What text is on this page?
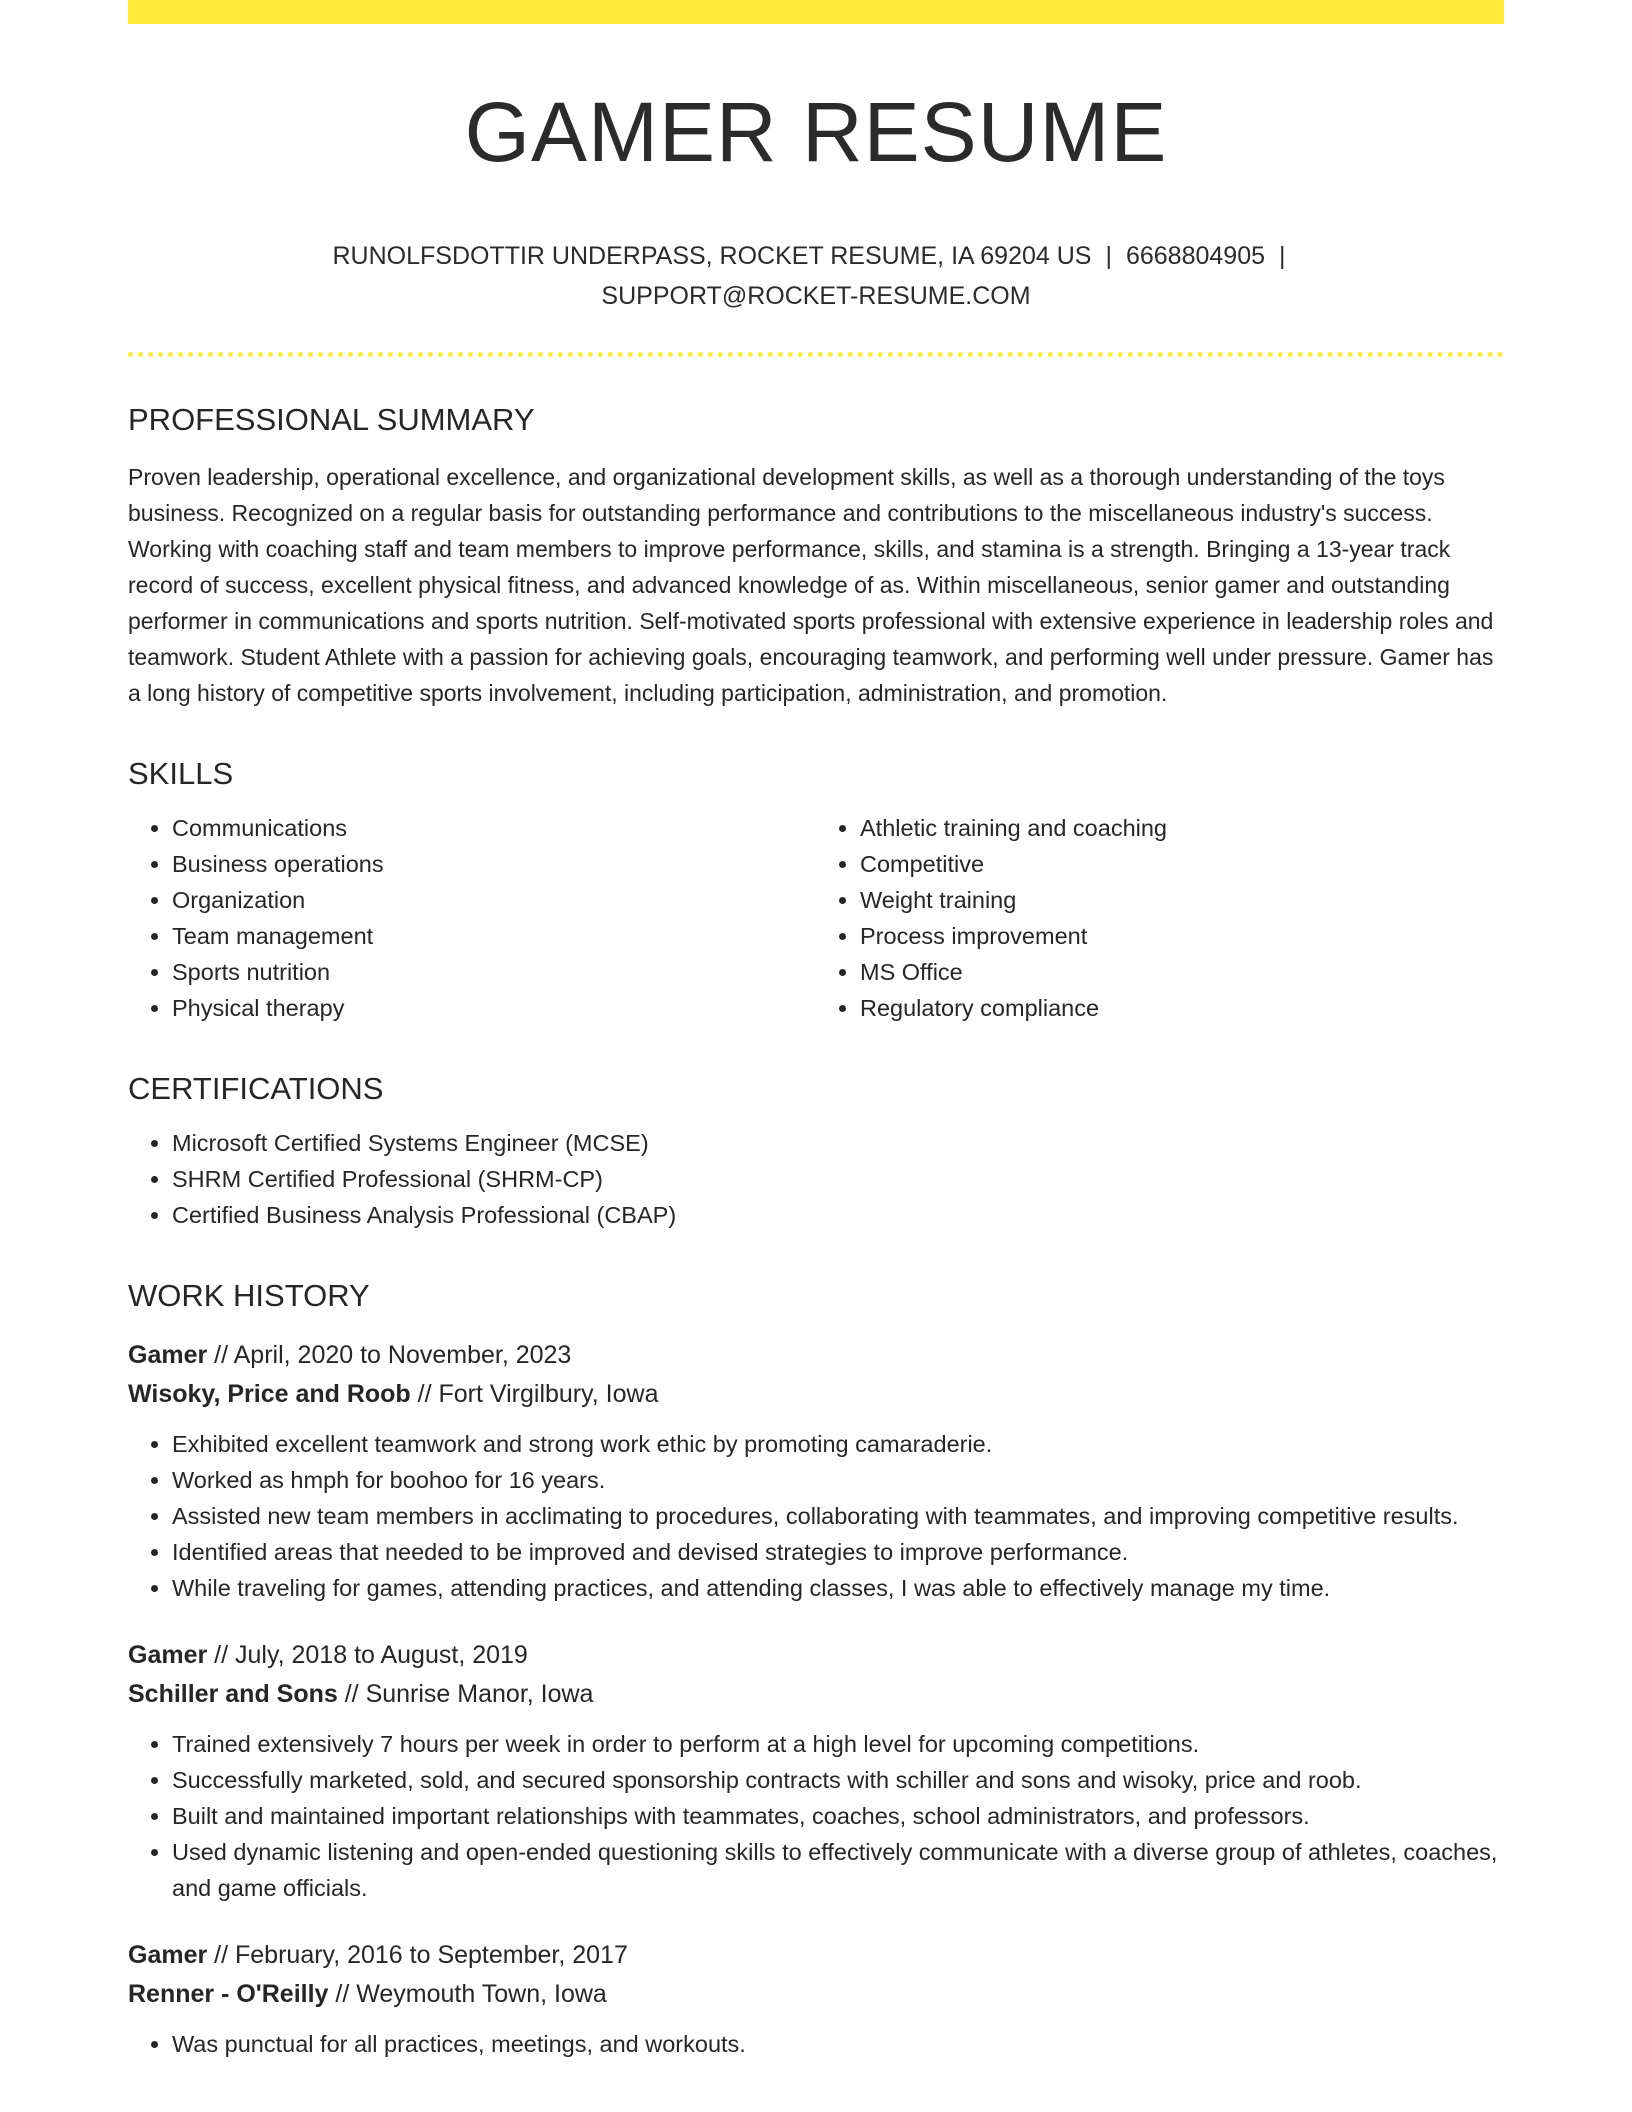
GAMER RESUME
RUNOLFSDOTTIR UNDERPASS, ROCKET RESUME, IA 69204 US | 6668804905 |
SUPPORT@ROCKET-RESUME.COM
PROFESSIONAL SUMMARY
Proven leadership, operational excellence, and organizational development skills, as well as a thorough understanding of the toys business. Recognized on a regular basis for outstanding performance and contributions to the miscellaneous industry's success. Working with coaching staff and team members to improve performance, skills, and stamina is a strength. Bringing a 13-year track record of success, excellent physical fitness, and advanced knowledge of as. Within miscellaneous, senior gamer and outstanding performer in communications and sports nutrition. Self-motivated sports professional with extensive experience in leadership roles and teamwork. Student Athlete with a passion for achieving goals, encouraging teamwork, and performing well under pressure. Gamer has a long history of competitive sports involvement, including participation, administration, and promotion.
SKILLS
• Communications
• Business operations
• Organization
• Team management
• Sports nutrition
• Physical therapy
• Athletic training and coaching
• Competitive
• Weight training
• Process improvement
• MS Office
• Regulatory compliance
CERTIFICATIONS
• Microsoft Certified Systems Engineer (MCSE)
• SHRM Certified Professional (SHRM-CP)
• Certified Business Analysis Professional (CBAP)
WORK HISTORY

Gamer // April, 2020 to November, 2023

Wisoky, Price and Roob // Fort Virgilbury, Iowa

• Exhibited excellent teamwork and strong work ethic by promoting camaraderie.
• Worked as hmph for boohoo for 16 years.
• Assisted new team members in acclimating to procedures, collaborating with teammates, and improving competitive results.
• Identified areas that needed to be improved and devised strategies to improve performance.
• While traveling for games, attending practices, and attending classes, I was able to effectively manage my time.

Gamer // July, 2018 to August, 2019

Schiller and Sons // Sunrise Manor, Iowa

• Trained extensively 7 hours per week in order to perform at a high level for upcoming competitions.
• Successfully marketed, sold, and secured sponsorship contracts with schiller and sons and wisoky, price and roob.
• Built and maintained important relationships with teammates, coaches, school administrators, and professors.
• Used dynamic listening and open-ended questioning skills to effectively communicate with a diverse group of athletes, coaches, and game officials.

Gamer // February, 2016 to September, 2017

Renner - O'Reilly // Weymouth Town, Iowa

• Was punctual for all practices, meetings, and workouts.
